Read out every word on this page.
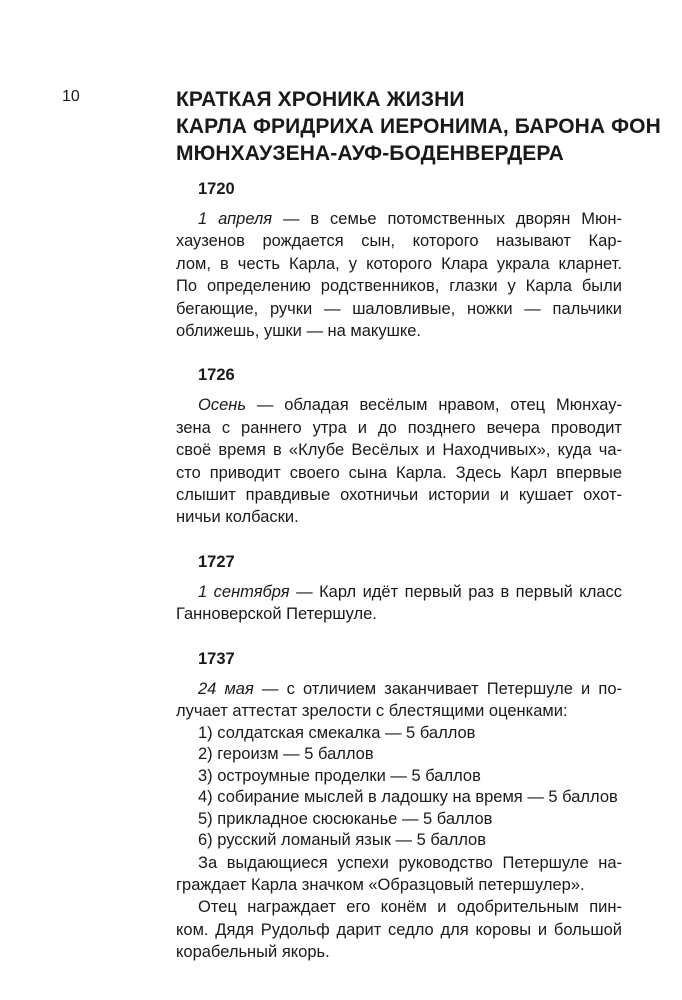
10	КРАТКАЯ ХРОНИКА ЖИЗНИ
КАРЛА ФРИДРИХА ИЕРОНИМА, БАРОНА ФОН
МЮНХАУЗЕНА-АУФ-БОДЕНВЕРДЕРА
1720
1 апреля — в семье потомственных дворян Мюн-
хаузенов рождается сын, которого называют Кар-
лом, в честь Карла, у которого Клара украла кларнет.
По определению родственников, глазки у Карла были
бегающие, ручки — шаловливые, ножки — пальчики
оближешь, ушки — на макушке.
1726
Осень — обладая весёлым нравом, отец Мюнхау-
зена с раннего утра и до позднего вечера проводит
своё время в «Клубе Весёлых и Находчивых», куда ча-
сто приводит своего сына Карла. Здесь Карл впервые
слышит правдивые охотничьи истории и кушает охот-
ничьи колбаски.
1727
1 сентября — Карл идёт первый раз в первый класс
Ганноверской Петершуле.
1737
24 мая — с отличием заканчивает Петершуле и по-
лучает аттестат зрелости с блестящими оценками:
1) солдатская смекалка — 5 баллов
2) героизм — 5 баллов
3) остроумные проделки — 5 баллов
4) собирание мыслей в ладошку на время — 5 баллов
5) прикладное сюсюканье — 5 баллов
6) русский ломаный язык — 5 баллов
За выдающиеся успехи руководство Петершуле на-
граждает Карла значком «Образцовый петершулер».
Отец награждает его конём и одобрительным пин-
ком. Дядя Рудольф дарит седло для коровы и большой
корабельный якорь.
